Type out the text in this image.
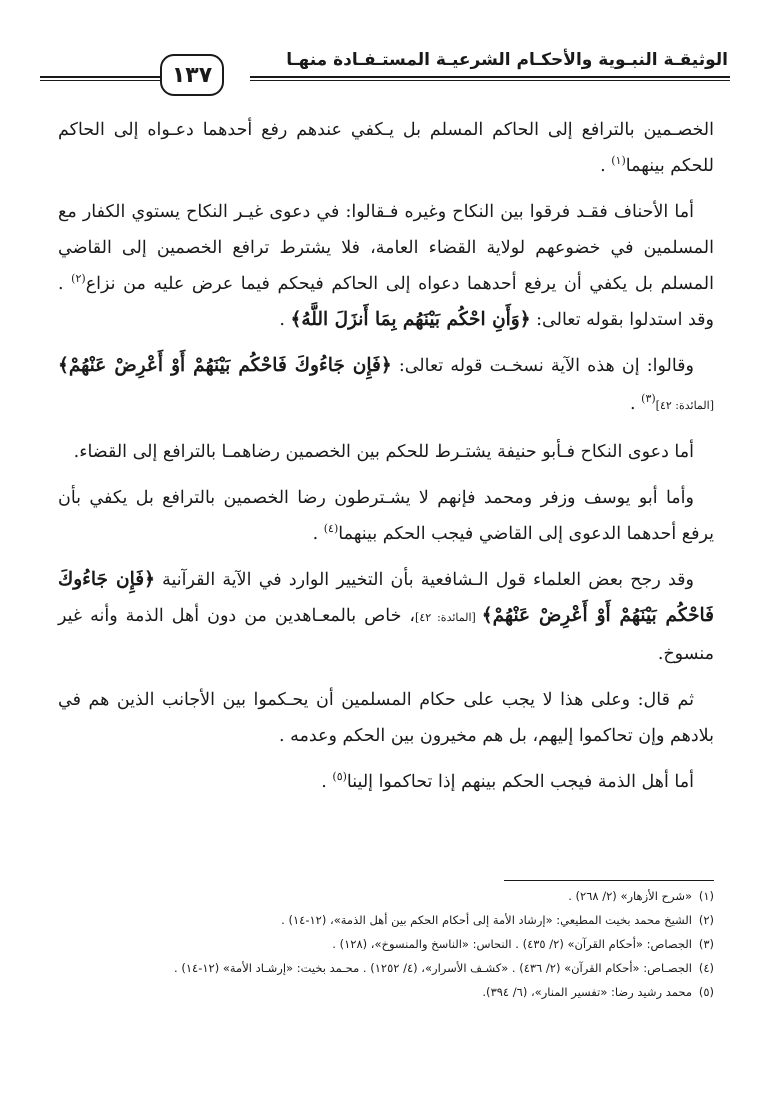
الوثيقـة النبـوية والأحكـام الشرعيـة المستـفـادة منهـا
١٣٧

الخصـمين بالترافع إلى الحاكم المسلم بل يـكفي عندهم رفع أحدهما دعـواه إلى الحاكم للحكم بينهما$^{(١)}$ .

أما الأحناف فقـد فرقوا بين النكاح وغيره فـقالوا: في دعوى غيـر النكاح يستوي الكفار مع المسلمين في خضوعهم لولاية القضاء العامة، فلا يشترط ترافع الخصمين إلى القاضي المسلم بل يكفي أن يرفع أحدهما دعواه إلى الحاكم فيحكم فيما عرض عليه من نزاع$^{(٢)}$ . وقد استدلوا بقوله تعالى: ﴿وَأَنِ احْكُم بَيْنَهُم بِمَا أَنزَلَ اللَّهُ﴾ .

وقالوا: إن هذه الآية نسخـت قوله تعالى: ﴿فَإِن جَاءُوكَ فَاحْكُم بَيْنَهُمْ أَوْ أَعْرِضْ عَنْهُمْ﴾ [المائدة: ٤٢]$^{(٣)}$ .

أما دعوى النكاح فـأبو حنيفة يشتـرط للحكم بين الخصمين رضاهمـا بالترافع إلى القضاء.

وأما أبو يوسف وزفر ومحمد فإنهم لا يشـترطون رضا الخصمين بالترافع بل يكفي بأن يرفع أحدهما الدعوى إلى القاضي فيجب الحكم بينهما$^{(٤)}$ .

وقد رجح بعض العلماء قول الـشافعية بأن التخيير الوارد في الآية القرآنية ﴿فَإِن جَاءُوكَ فَاحْكُم بَيْنَهُمْ أَوْ أَعْرِضْ عَنْهُمْ﴾ [المائدة: ٤٢]، خاص بالمعـاهدين من دون أهل الذمة وأنه غير منسوخ.

ثم قال: وعلى هذا لا يجب على حكام المسلمين أن يحـكموا بين الأجانب الذين هم في بلادهم وإن تحاكموا إليهم، بل هم مخيرون بين الحكم وعدمه .

أما أهل الذمة فيجب الحكم بينهم إذا تحاكموا إلينا$^{(٥)}$ .

(١)«شرح الأزهار» (٢/ ٢٦٨) .

(٢)الشيخ محمد بخيت المطيعي: «إرشاد الأمة إلى أحكام الحكم بين أهل الذمة»، (١٢-١٤) .

(٣)الجصاص: «أحكام القرآن» (٢/ ٤٣٥) . النحاس: «الناسخ والمنسوخ»، (١٢٨) .

(٤)الجصـاص: «أحكام القرآن» (٢/ ٤٣٦) . «كشـف الأسرار»، (٤/ ١٢٥٢) . محـمد بخيت: «إرشـاد الأمة» (١٢-١٤) .

(٥)محمد رشيد رضا: «تفسير المنار»، (٦/ ٣٩٤).
